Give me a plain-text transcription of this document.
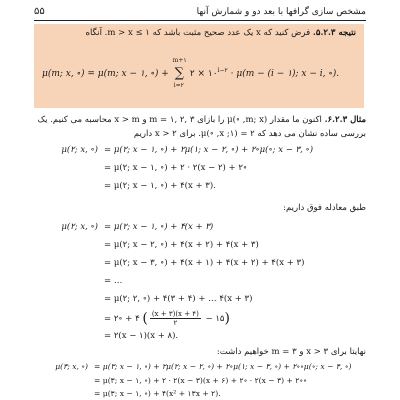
۵۵	مشخص سازی گرافها با بعد دو و شمارش آنها
نتیجه ۵.۲.۳. فرض کنید که x یک عدد صحیح مثبت باشد که ۱ ≥ m > x. آنگاه
μ(m; x, ∘) = μ(m; x − ۱, ∘) + ∑
m+۱
i=۲
۲ × $۱۰^{i-۲} \cdot \mu(m - (i$ − ۱); x − i, ∘).
مثال ۶.۲.۳. اکنون ما مقدار (m; x, ∘)μ را بازای ۳ ,۲ ,۱ = m و x > m محاسبه می کنیم. یک
بررسی ساده نشان می دهد که ۲ = (۱; x, ∘)μ. برای ۲ < x داریم
μ(۲; x, ∘) = μ(۲; x − ۱, ∘) + ۲μ(۱; x − ۲, ∘) + ۲∘μ(∘; x − ۳, ∘)
= μ(۲; x − ۱, ∘) + ۲ · ۲(x − ۲) + ۲∘
= μ(۲; x − ۱, ∘) + ۴(x + ۳).
طبق معادله فوق داریم:
μ(۲; x, ∘) = μ(۲; x − ۱, ∘) + ۴(x + ۳)
= μ(۲; x − ۲, ∘) + ۴(x + ۲) + ۴(x + ۳)
= μ(۲; x − ۳, ∘) + ۴(x + ۱) + ۴(x + ۲) + ۴(x + ۳)
= …
= μ(۲; ۲, ∘) + ۴(۳ + ۴) + … ۴(x + ۳)
= ۲∘ + ۴ ( $\frac{(x + ۳)(x + ۴)}{۲}$ − ۱۵)
= ۲(x − ۱)(x + ۸).
نهایتا برای ۳ < x و ۳ = m خواهیم داشت:
μ(۳; x, ∘) = μ(۳; x − ۱, ∘) + ۲μ(۲; x − ۲, ∘) + ۲∘μ(۱; x − ۳, ∘) + ۲∘∘μ(∘; x − ۴, ∘)
= μ(۳; x − ۱, ∘) + ۲ · ۲(x − ۳)(x + ۶) + ۲∘ · ۲(x − ۳) + ۲∘∘
= μ(۳; x − ۱, ∘) + ۴(x² + ۱۳x + ۲).
